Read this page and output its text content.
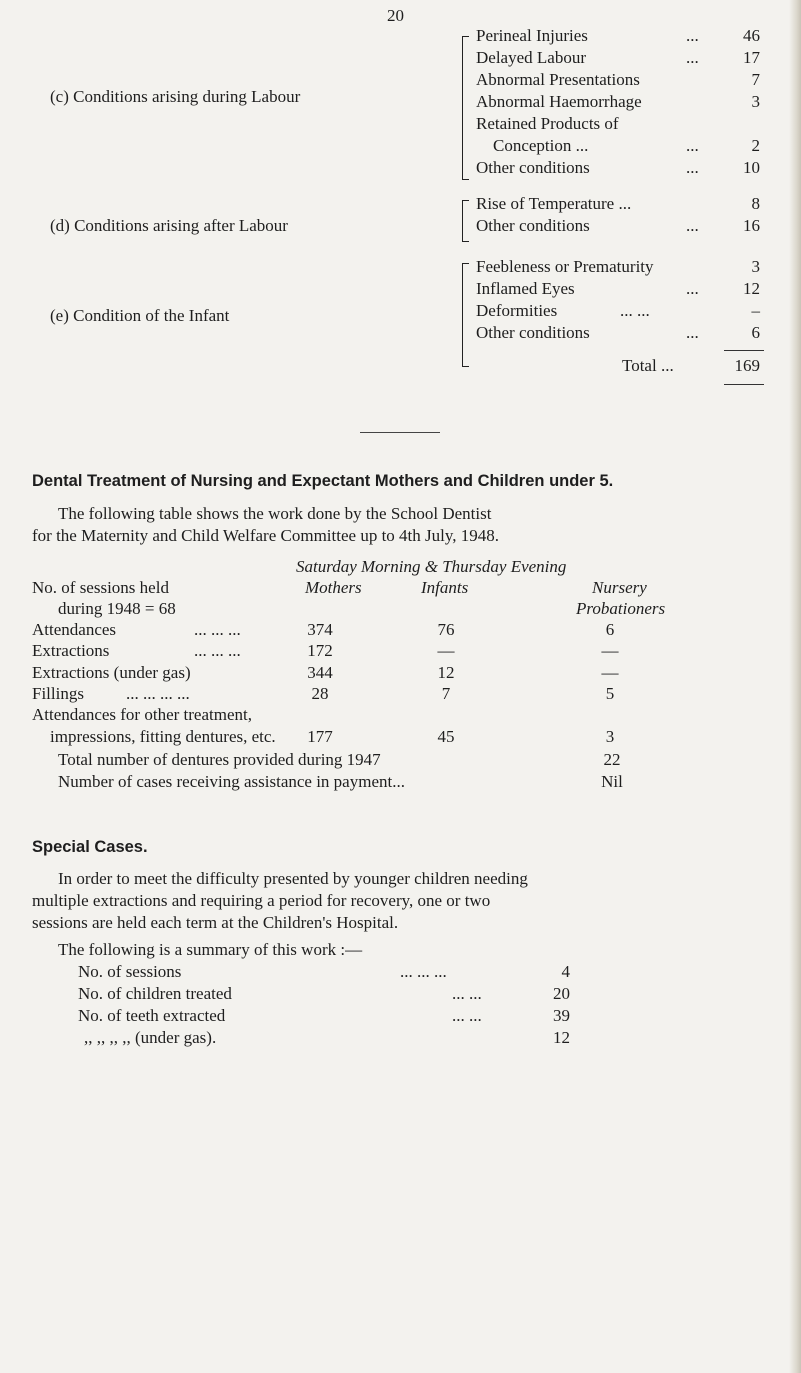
20
(c) Conditions arising during Labour
Perineal Injuries	...	46
Delayed Labour	...	17
Abnormal Presentations	7
Abnormal Haemorrhage	3
Retained Products of
Conception ...	...	2
Other conditions	...	10
(d) Conditions arising after Labour
Rise of Temperature ...	8
Other conditions	...	16
(e) Condition of the Infant
Feebleness or Prematurity	3
Inflamed Eyes	...	12
Deformities	... ...	–
Other conditions	...	6
Total ...	169
Dental Treatment of Nursing and Expectant Mothers and Children under 5.
The following table shows the work done by the School Dentist
for the Maternity and Child Welfare Committee up to 4th July, 1948.
Saturday Morning & Thursday Evening
No. of sessions held
during 1948 = 68
Mothers	Infants	Nursery
Probationers
Attendances	... ... ...	374	76	6
Extractions	... ... ...	172	—	—
Extractions (under gas)	344	12	—
Fillings ... ... ... ...	28	7	5
Attendances for other treatment,
impressions, fitting dentures, etc.	177	45	3
Total number of dentures provided during 1947	22
Number of cases receiving assistance in payment...	Nil
Special Cases.
In order to meet the difficulty presented by younger children needing
multiple extractions and requiring a period for recovery, one or two
sessions are held each term at the Children's Hospital.
The following is a summary of this work :—
No. of sessions	... ... ...	4
No. of children treated	... ...	20
No. of teeth extracted	... ...	39
,, ,, ,, ,, (under gas).	12
